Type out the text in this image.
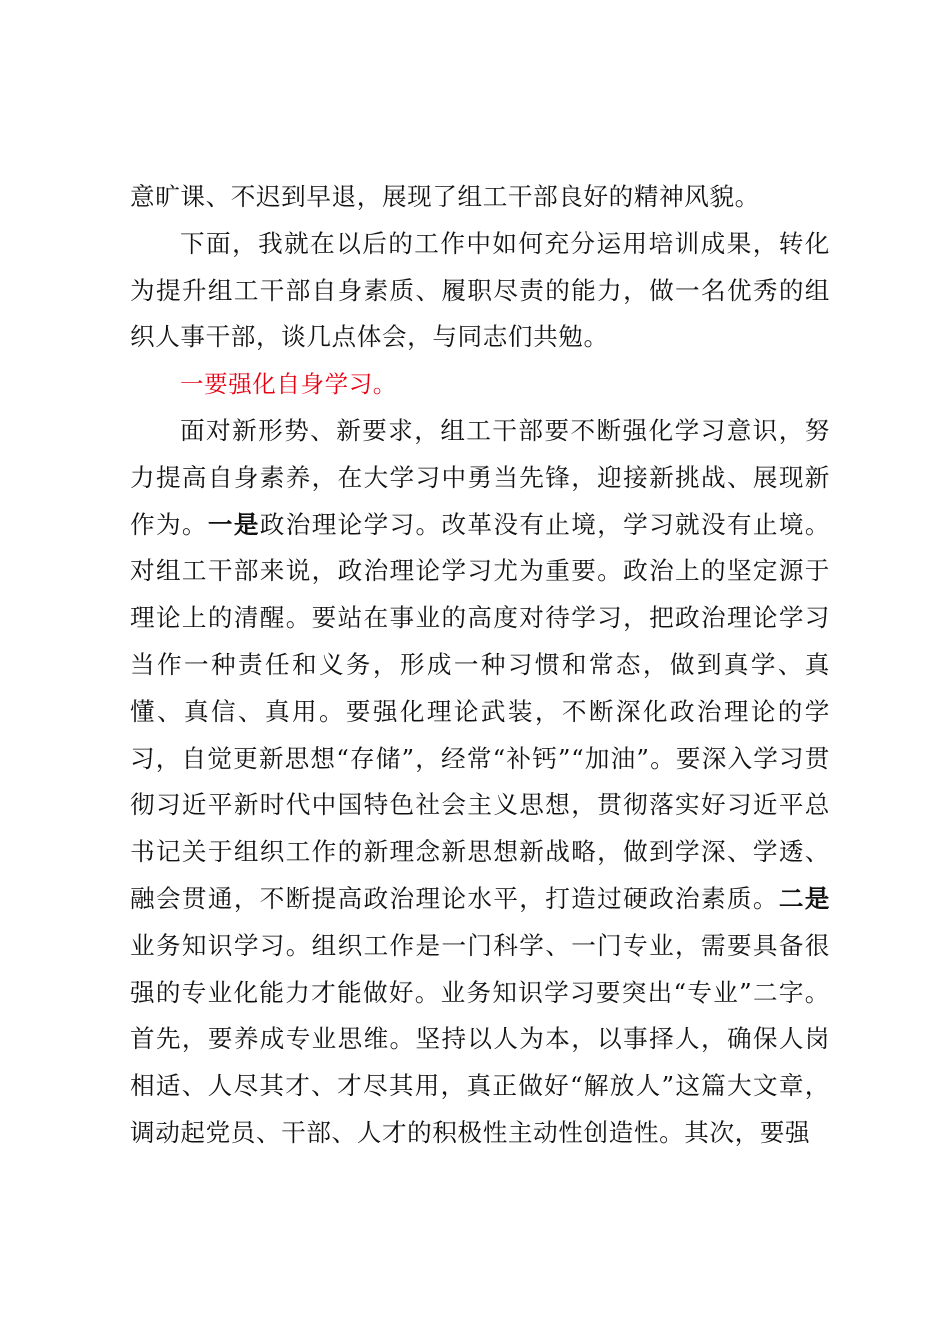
意旷课、不迟到早退，展现了组工干部良好的精神风貌。

下面，我就在以后的工作中如何充分运用培训成果，转化为提升组工干部自身素质、履职尽责的能力，做一名优秀的组织人事干部，谈几点体会，与同志们共勉。

一要强化自身学习。

面对新形势、新要求，组工干部要不断强化学习意识，努力提高自身素养，在大学习中勇当先锋，迎接新挑战、展现新作为。一是政治理论学习。改革没有止境，学习就没有止境。对组工干部来说，政治理论学习尤为重要。政治上的坚定源于理论上的清醒。要站在事业的高度对待学习，把政治理论学习当作一种责任和义务，形成一种习惯和常态，做到真学、真懂、真信、真用。要强化理论武装，不断深化政治理论的学习，自觉更新思想“存储”，经常“补钙”“加油”。要深入学习贯彻习近平新时代中国特色社会主义思想，贯彻落实好习近平总书记关于组织工作的新理念新思想新战略，做到学深、学透、融会贯通，不断提高政治理论水平，打造过硬政治素质。二是业务知识学习。组织工作是一门科学、一门专业，需要具备很强的专业化能力才能做好。业务知识学习要突出“专业”二字。首先，要养成专业思维。坚持以人为本，以事择人，确保人岗相适、人尽其才、才尽其用，真正做好“解放人”这篇大文章，调动起党员、干部、人才的积极性主动性创造性。其次，要强
